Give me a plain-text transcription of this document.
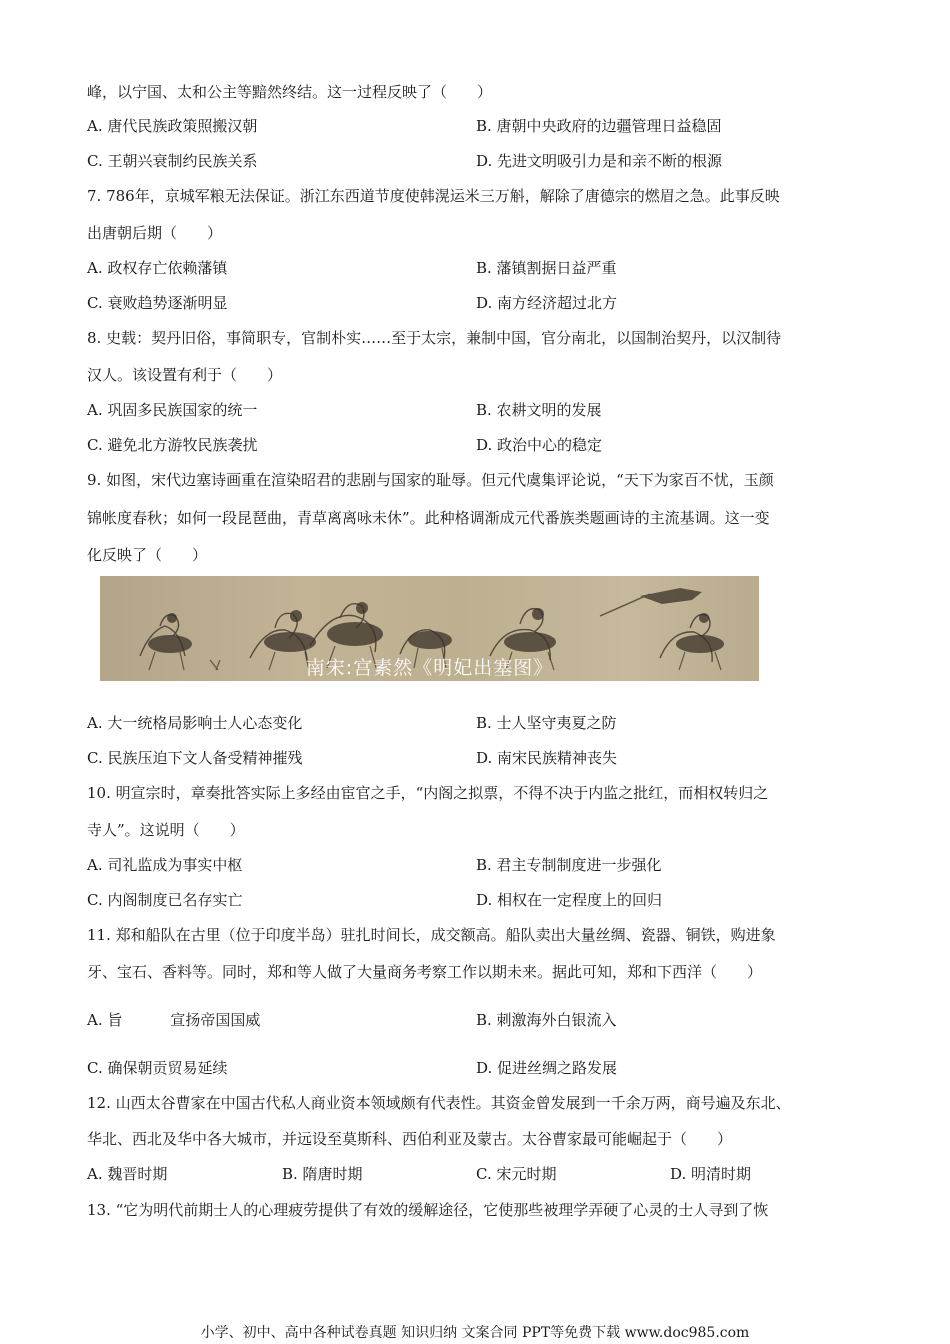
峰，以宁国、太和公主等黯然终结。这一过程反映了（　　）
A. 唐代民族政策照搬汉朝	B. 唐朝中央政府的边疆管理日益稳固
C. 王朝兴衰制约民族关系	D. 先进文明吸引力是和亲不断的根源
7. 786年，京城军粮无法保证。浙江东西道节度使韩滉运米三万斛，解除了唐德宗的燃眉之急。此事反映
出唐朝后期（　　）
A. 政权存亡依赖藩镇	B. 藩镇割据日益严重
C. 衰败趋势逐渐明显	D. 南方经济超过北方
8. 史载：契丹旧俗，事简职专，官制朴实……至于太宗，兼制中国，官分南北，以国制治契丹，以汉制待
汉人。该设置有利于（　　）
A. 巩固多民族国家的统一	B. 农耕文明的发展
C. 避免北方游牧民族袭扰	D. 政治中心的稳定
9. 如图，宋代边塞诗画重在渲染昭君的悲剧与国家的耻辱。但元代虞集评论说，“天下为家百不忧，玉颜
锦帐度春秋；如何一段昆琶曲，青草离离咏未休”。此种格调渐成元代番族类题画诗的主流基调。这一变
化反映了（　　）
南宋:宫素然《明妃出塞图》
A. 大一统格局影响士人心态变化	B. 士人坚守夷夏之防
C. 民族压迫下文人备受精神摧残	D. 南宋民族精神丧失
10. 明宣宗时，章奏批答实际上多经由宦官之手，“内阁之拟票，不得不决于内监之批红，而相权转归之
寺人”。这说明（　　）
A. 司礼监成为事实中枢	B. 君主专制制度进一步强化
C. 内阁制度已名存实亡	D. 相权在一定程度上的回归
11. 郑和船队在古里（位于印度半岛）驻扎时间长，成交额高。船队卖出大量丝绸、瓷器、铜铁，购进象
牙、宝石、香料等。同时，郑和等人做了大量商务考察工作以期未来。据此可知，郑和下西洋（　　）
A. 旨	宣扬帝国国威	B. 刺激海外白银流入
C. 确保朝贡贸易延续	D. 促进丝绸之路发展
12. 山西太谷曹家在中国古代私人商业资本领域颇有代表性。其资金曾发展到一千余万两，商号遍及东北、
华北、西北及华中各大城市，并远设至莫斯科、西伯利亚及蒙古。太谷曹家最可能崛起于（　　）
A. 魏晋时期	B. 隋唐时期	C. 宋元时期	D. 明清时期
13. “它为明代前期士人的心理疲劳提供了有效的缓解途径，它使那些被理学弄硬了心灵的士人寻到了恢
小学、初中、高中各种试卷真题 知识归纳 文案合同 PPT等免费下载 www.doc985.com
